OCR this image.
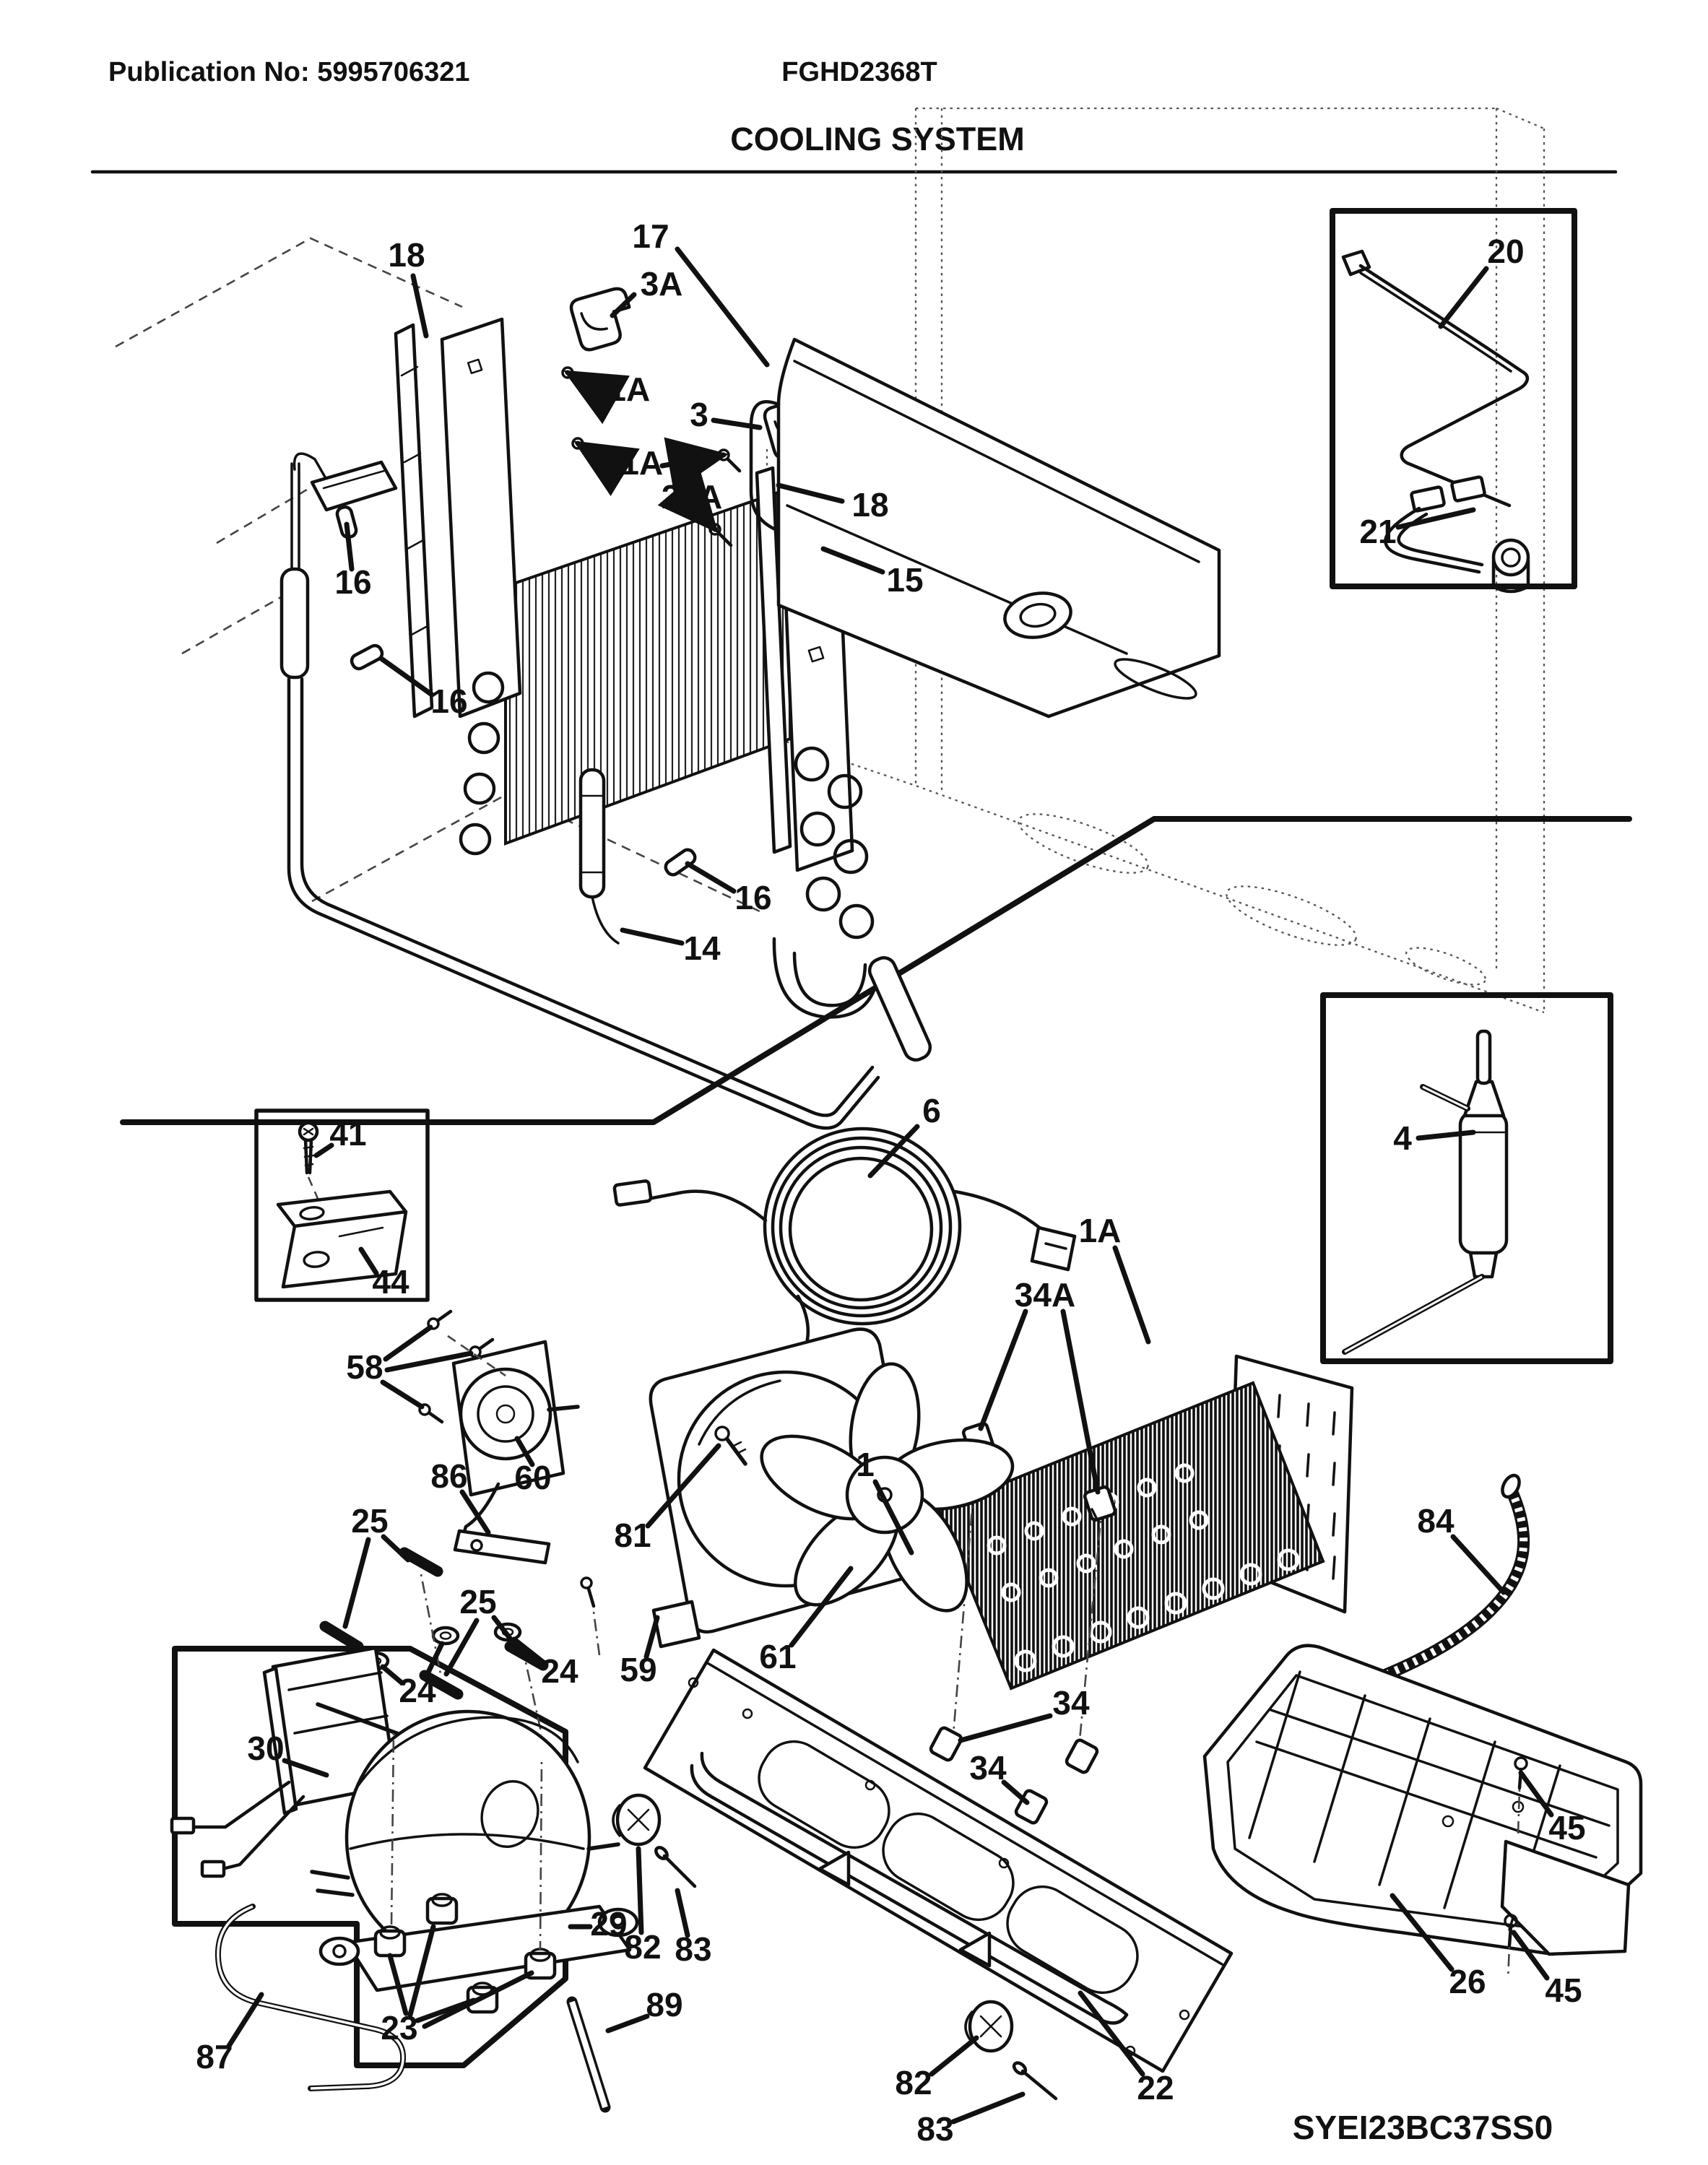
Publication No: 5995706321	FGHD2368T
COOLING SYSTEM
18	17
3A
21A
3
21A
21A	18
15
16
16
16
14
20
21
41
44
6
1A
34A
1
4
58
60
86
25
25
81
24
24 59	61
30
87
23
29
89
82 83
34
34
82
83
22
84
45
26 45
SYEI23BC37SS0
